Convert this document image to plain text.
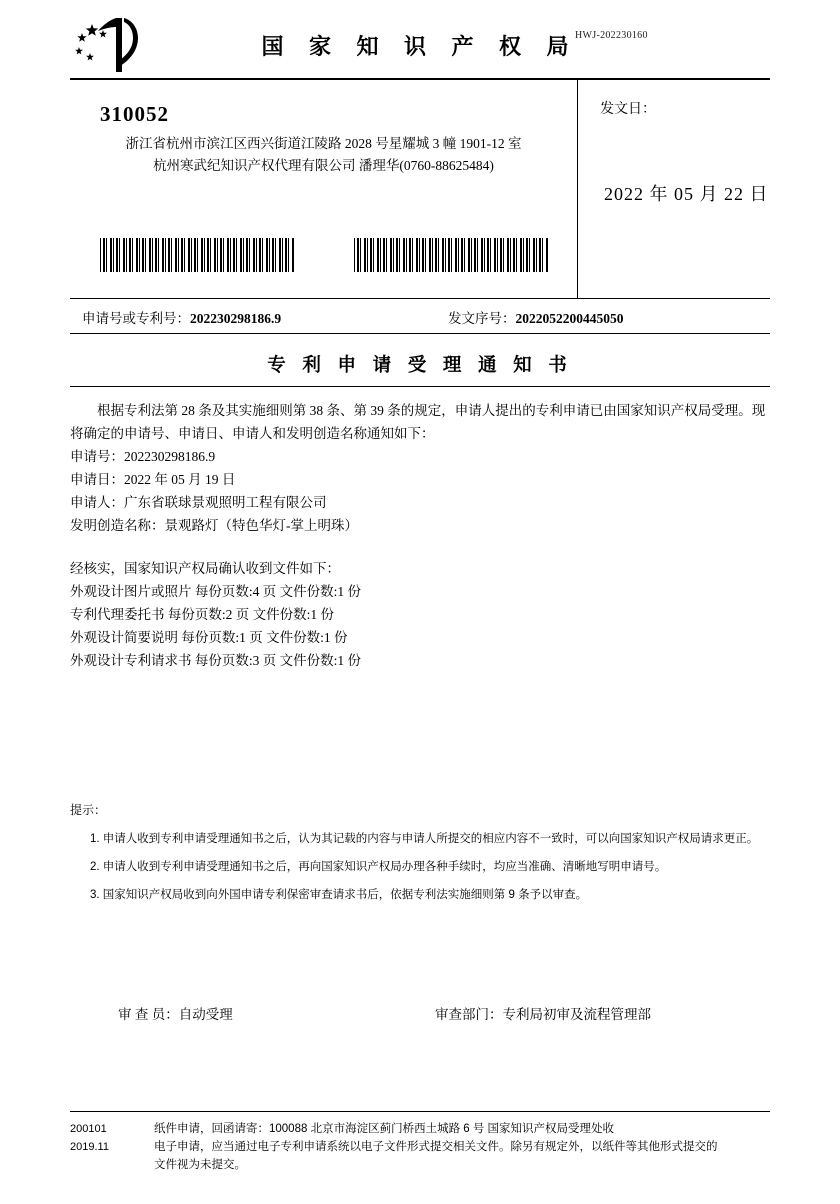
HWJ-202230160
国 家 知 识 产 权 局
310052
浙江省杭州市滨江区西兴街道江陵路 2028 号星耀城 3 幢 1901-12 室
杭州寒武纪知识产权代理有限公司 潘理华(0760-88625484)
发文日：
2022 年 05 月 22 日
申请号或专利号：202230298186.9	发文序号：2022052200445050
专 利 申 请 受 理 通 知 书
根据专利法第 28 条及其实施细则第 38 条、第 39 条的规定，申请人提出的专利申请已由国家知识产权局受理。现将确定的申请号、申请日、申请人和发明创造名称通知如下：
申请号：202230298186.9
申请日：2022 年 05 月 19 日
申请人：广东省联球景观照明工程有限公司
发明创造名称：景观路灯（特色华灯-掌上明珠）
经核实，国家知识产权局确认收到文件如下：
外观设计图片或照片 每份页数:4 页 文件份数:1 份
专利代理委托书 每份页数:2 页 文件份数:1 份
外观设计简要说明 每份页数:1 页 文件份数:1 份
外观设计专利请求书 每份页数:3 页 文件份数:1 份
提示：
1. 申请人收到专利申请受理通知书之后，认为其记载的内容与申请人所提交的相应内容不一致时，可以向国家知识产权局请求更正。
2. 申请人收到专利申请受理通知书之后，再向国家知识产权局办理各种手续时，均应当准确、清晰地写明申请号。
3. 国家知识产权局收到向外国申请专利保密审查请求书后，依据专利法实施细则第 9 条予以审查。
审 查 员：自动受理	审查部门：专利局初审及流程管理部
200101	纸件申请，回函请寄：100088 北京市海淀区蓟门桥西土城路 6 号 国家知识产权局受理处收
2019.11	电子申请，应当通过电子专利申请系统以电子文件形式提交相关文件。除另有规定外，以纸件等其他形式提交的
文件视为未提交。
